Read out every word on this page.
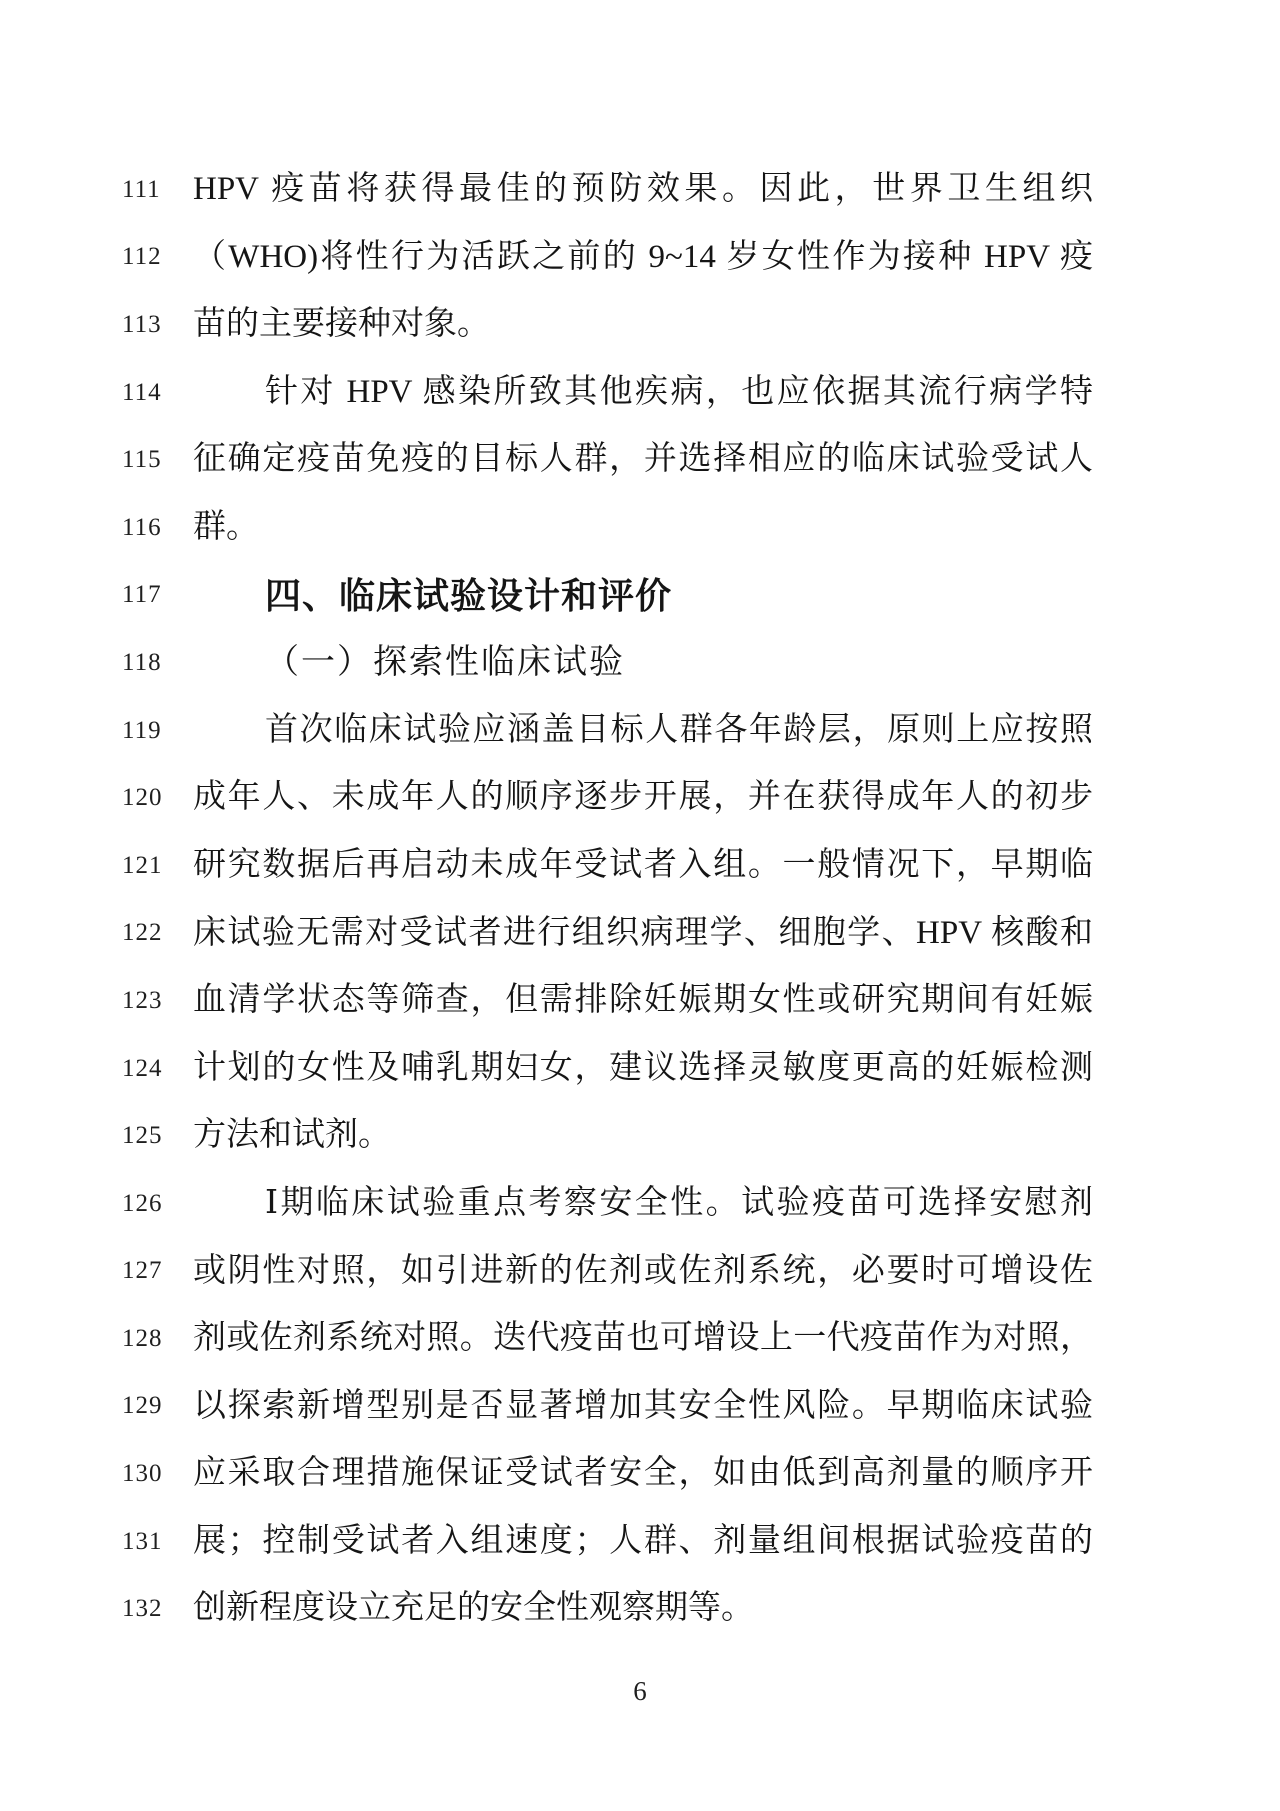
111 HPV 疫苗将获得最佳的预防效果。因此，世界卫生组织
112 （WHO)将性行为活跃之前的 9~14 岁女性作为接种 HPV 疫
113 苗的主要接种对象。
114	针对 HPV 感染所致其他疾病，也应依据其流行病学特
115 征确定疫苗免疫的目标人群，并选择相应的临床试验受试人
116 群。
117	四、临床试验设计和评价
118	（一）探索性临床试验
119	首次临床试验应涵盖目标人群各年龄层，原则上应按照
120 成年人、未成年人的顺序逐步开展，并在获得成年人的初步
121 研究数据后再启动未成年受试者入组。一般情况下，早期临
122 床试验无需对受试者进行组织病理学、细胞学、HPV 核酸和
123 血清学状态等筛查，但需排除妊娠期女性或研究期间有妊娠
124 计划的女性及哺乳期妇女，建议选择灵敏度更高的妊娠检测
125 方法和试剂。
126	Ⅰ期临床试验重点考察安全性。试验疫苗可选择安慰剂
127 或阴性对照，如引进新的佐剂或佐剂系统，必要时可增设佐
128 剂或佐剂系统对照。迭代疫苗也可增设上一代疫苗作为对照，
129 以探索新增型别是否显著增加其安全性风险。早期临床试验
130 应采取合理措施保证受试者安全，如由低到高剂量的顺序开
131 展；控制受试者入组速度；人群、剂量组间根据试验疫苗的
132 创新程度设立充足的安全性观察期等。
6
